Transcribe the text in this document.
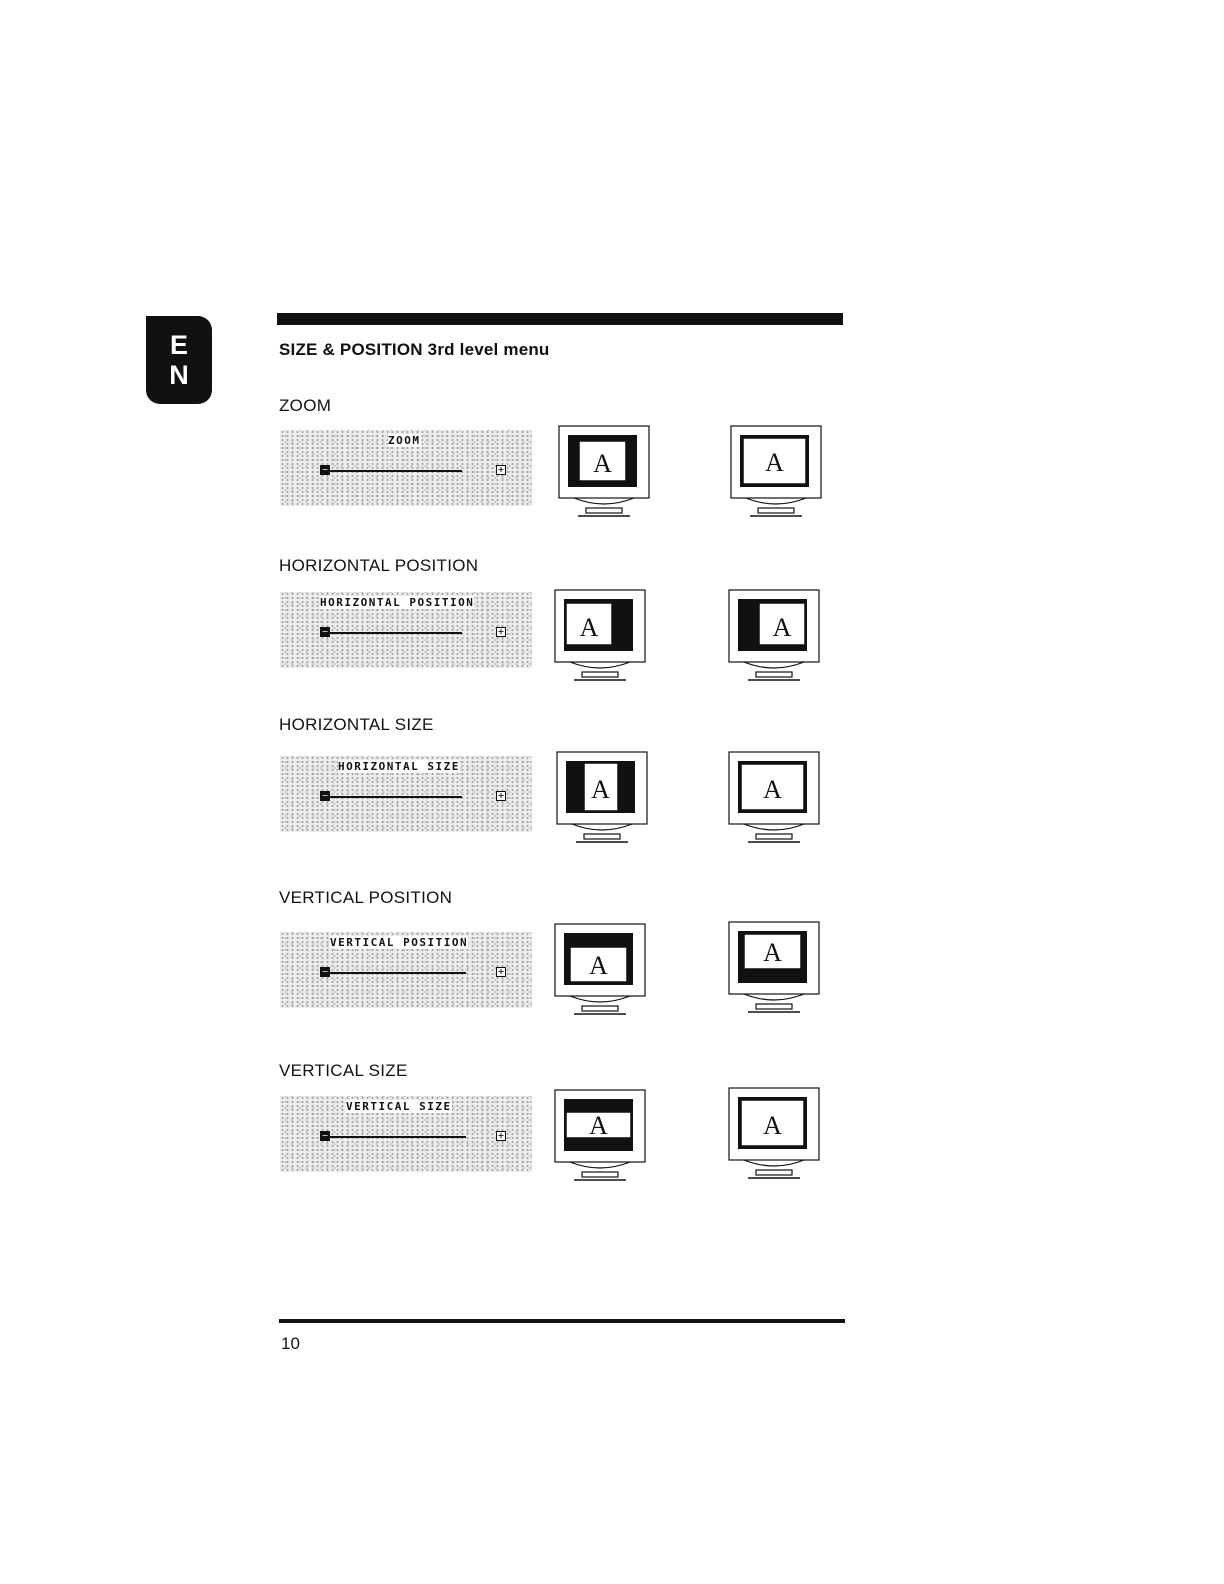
E
N
SIZE & POSITION 3rd level menu
ZOOM
ZOOM
−	+	A	A
HORIZONTAL POSITION
HORIZONTAL POSITION
−	+	A	A
HORIZONTAL SIZE
HORIZONTAL SIZE
−	+	A	A
VERTICAL POSITION
VERTICAL POSITION
−	+	A	A
VERTICAL SIZE
VERTICAL SIZE
−	+	A	A
10
